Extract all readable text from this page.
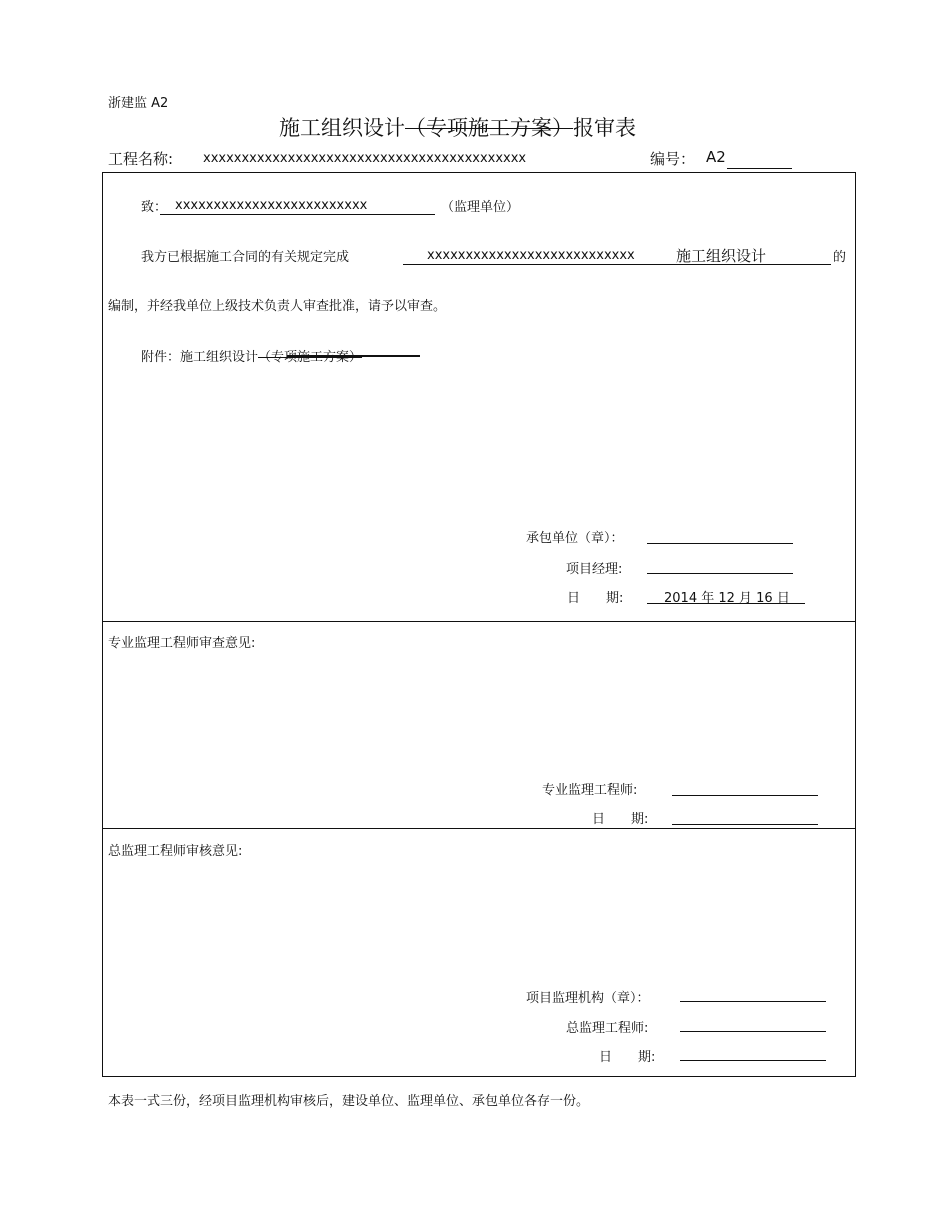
浙建监 A2
施工组织设计（专项施工方案）报审表
工程名称: xxxxxxxxxxxxxxxxxxxxxxxxxxxxxxxxxxxxxxxxxx	编号： A2
致： xxxxxxxxxxxxxxxxxxxxxxxxx	（监理单位）
我方已根据施工合同的有关规定完成	xxxxxxxxxxxxxxxxxxxxxxxxxxx	施工组织设计	的
编制，并经我单位上级技术负责人审查批准，请予以审查。
附件：施工组织设计（专项施工方案）
承包单位（章）：
项目经理:
日　　期:	2014 年 12 月 16 日
专业监理工程师审查意见:
专业监理工程师:
日　　期:
总监理工程师审核意见:
项目监理机构（章）：
总监理工程师:
日　　期:
本表一式三份，经项目监理机构审核后，建设单位、监理单位、承包单位各存一份。
